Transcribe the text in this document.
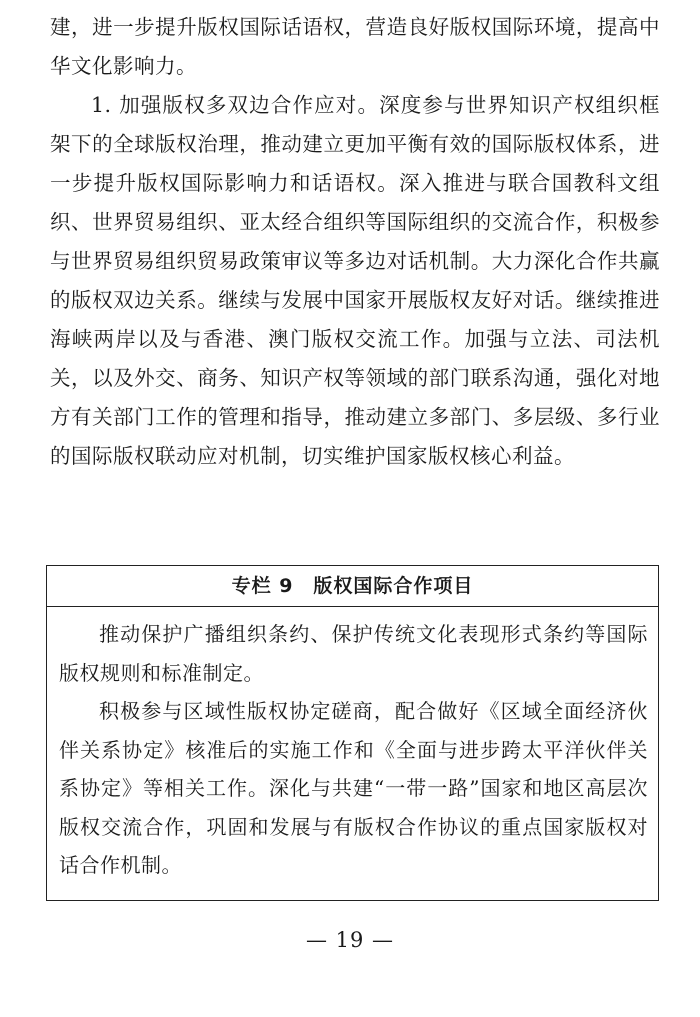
建，进一步提升版权国际话语权，营造良好版权国际环境，提高中华文化影响力。

1. 加强版权多双边合作应对。深度参与世界知识产权组织框架下的全球版权治理，推动建立更加平衡有效的国际版权体系，进一步提升版权国际影响力和话语权。深入推进与联合国教科文组织、世界贸易组织、亚太经合组织等国际组织的交流合作，积极参与世界贸易组织贸易政策审议等多边对话机制。大力深化合作共赢的版权双边关系。继续与发展中国家开展版权友好对话。继续推进海峡两岸以及与香港、澳门版权交流工作。加强与立法、司法机关，以及外交、商务、知识产权等领域的部门联系沟通，强化对地方有关部门工作的管理和指导，推动建立多部门、多层级、多行业的国际版权联动应对机制，切实维护国家版权核心利益。

专栏 9　版权国际合作项目

推动保护广播组织条约、保护传统文化表现形式条约等国际版权规则和标准制定。

积极参与区域性版权协定磋商，配合做好《区域全面经济伙伴关系协定》核准后的实施工作和《全面与进步跨太平洋伙伴关系协定》等相关工作。深化与共建“一带一路”国家和地区高层次版权交流合作，巩固和发展与有版权合作协议的重点国家版权对话合作机制。

— 19 —
